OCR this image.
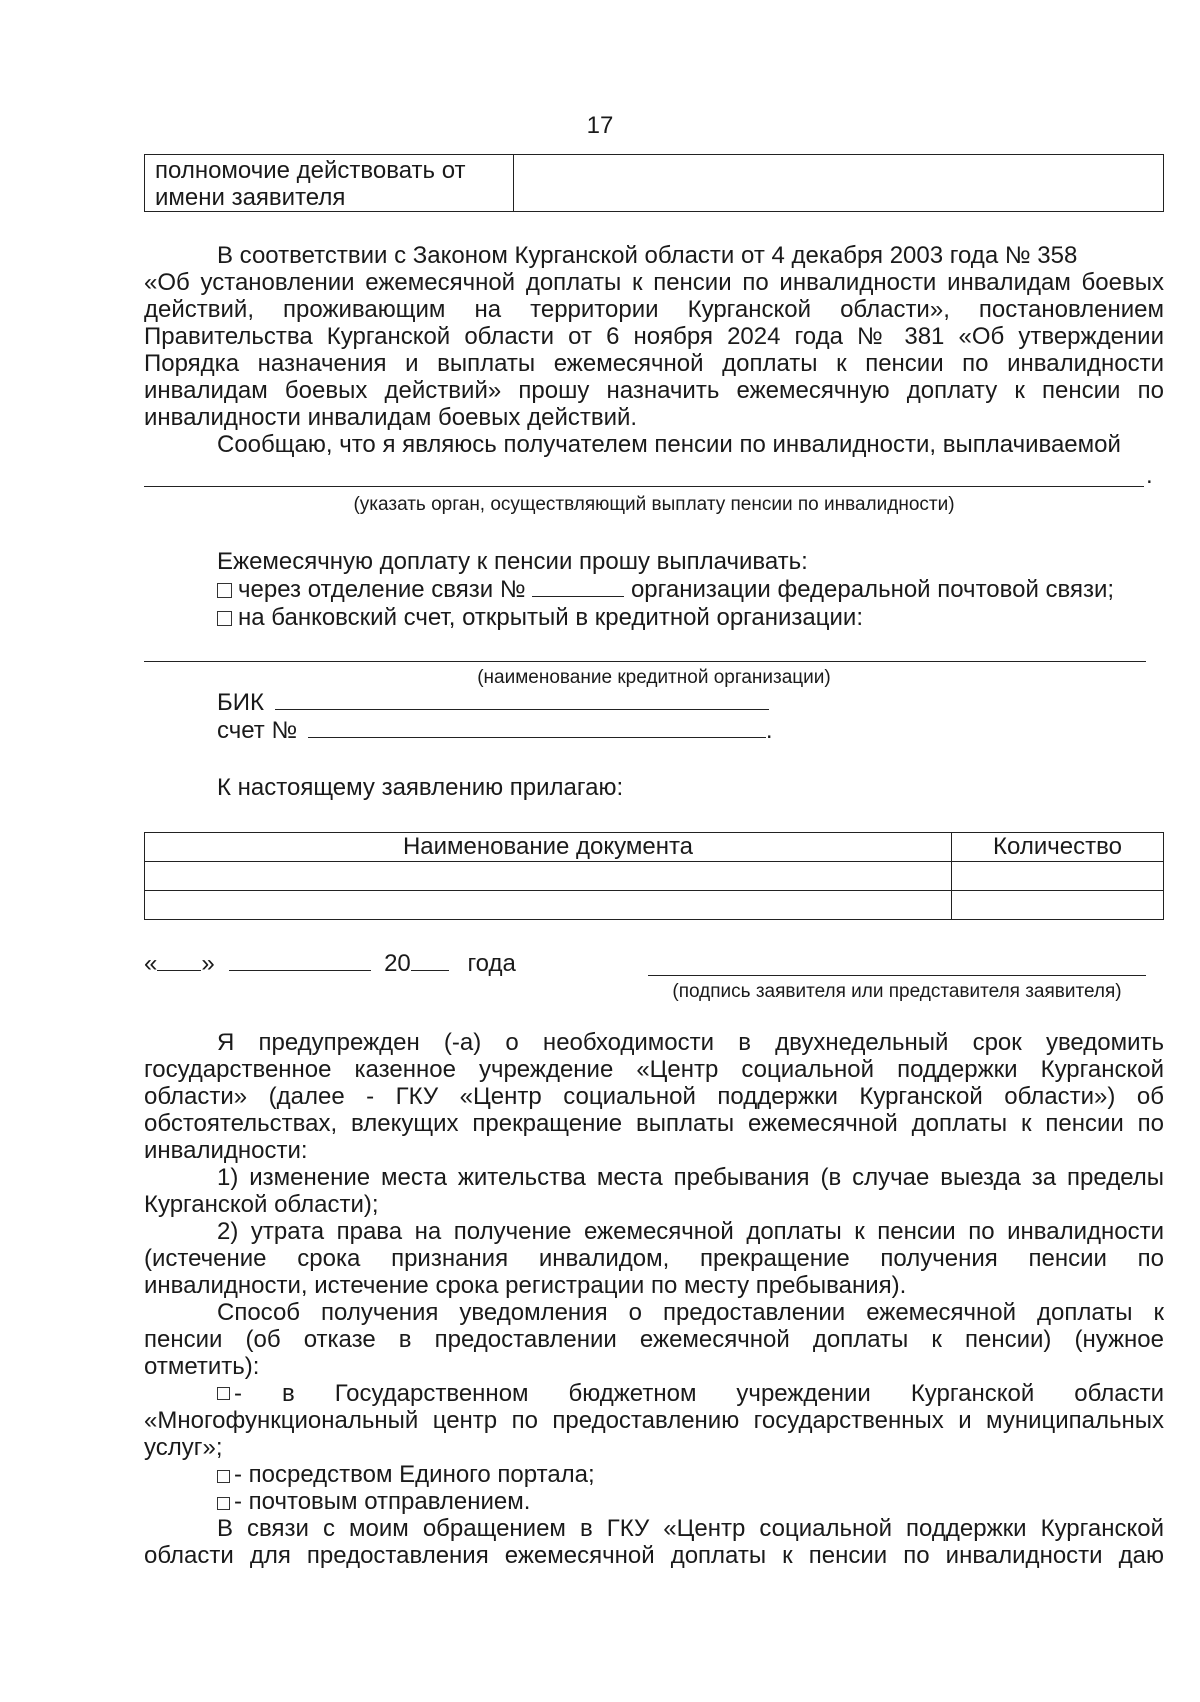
17
полномочие действовать от
имени заявителя

В соответствии с Законом Курганской области от 4 декабря 2003 года № 358
«Об установлении ежемесячной доплаты к пенсии по инвалидности инвалидам боевых
действий, проживающим на территории Курганской области», постановлением
Правительства Курганской области от 6 ноября 2024 года № 381 «Об утверждении
Порядка назначения и выплаты ежемесячной доплаты к пенсии по инвалидности
инвалидам боевых действий» прошу назначить ежемесячную доплату к пенсии по
инвалидности инвалидам боевых действий.
Сообщаю, что я являюсь получателем пенсии по инвалидности, выплачиваемой
.
(указать орган, осуществляющий выплату пенсии по инвалидности)
Ежемесячную доплату к пенсии прошу выплачивать:
через отделение связи №	организации федеральной почтовой связи;
на банковский счет, открытый в кредитной организации:
(наименование кредитной организации)
БИК
счет №	.
К настоящему заявлению прилагаю:
Наименование документа	Количество

« »	20 года
(подпись заявителя или представителя заявителя)
Я предупрежден (-а) о необходимости в двухнедельный срок уведомить
государственное казенное учреждение «Центр социальной поддержки Курганской
области» (далее - ГКУ «Центр социальной поддержки Курганской области») об
обстоятельствах, влекущих прекращение выплаты ежемесячной доплаты к пенсии по
инвалидности:
1) изменение места жительства места пребывания (в случае выезда за пределы
Курганской области);
2) утрата права на получение ежемесячной доплаты к пенсии по инвалидности
(истечение срока признания инвалидом, прекращение получения пенсии по
инвалидности, истечение срока регистрации по месту пребывания).
Способ получения уведомления о предоставлении ежемесячной доплаты к
пенсии (об отказе в предоставлении ежемесячной доплаты к пенсии) (нужное
отметить):
- в Государственном бюджетном учреждении Курганской области
«Многофункциональный центр по предоставлению государственных и муниципальных
услуг»;
- посредством Единого портала;
- почтовым отправлением.
В связи с моим обращением в ГКУ «Центр социальной поддержки Курганской
области для предоставления ежемесячной доплаты к пенсии по инвалидности даю
